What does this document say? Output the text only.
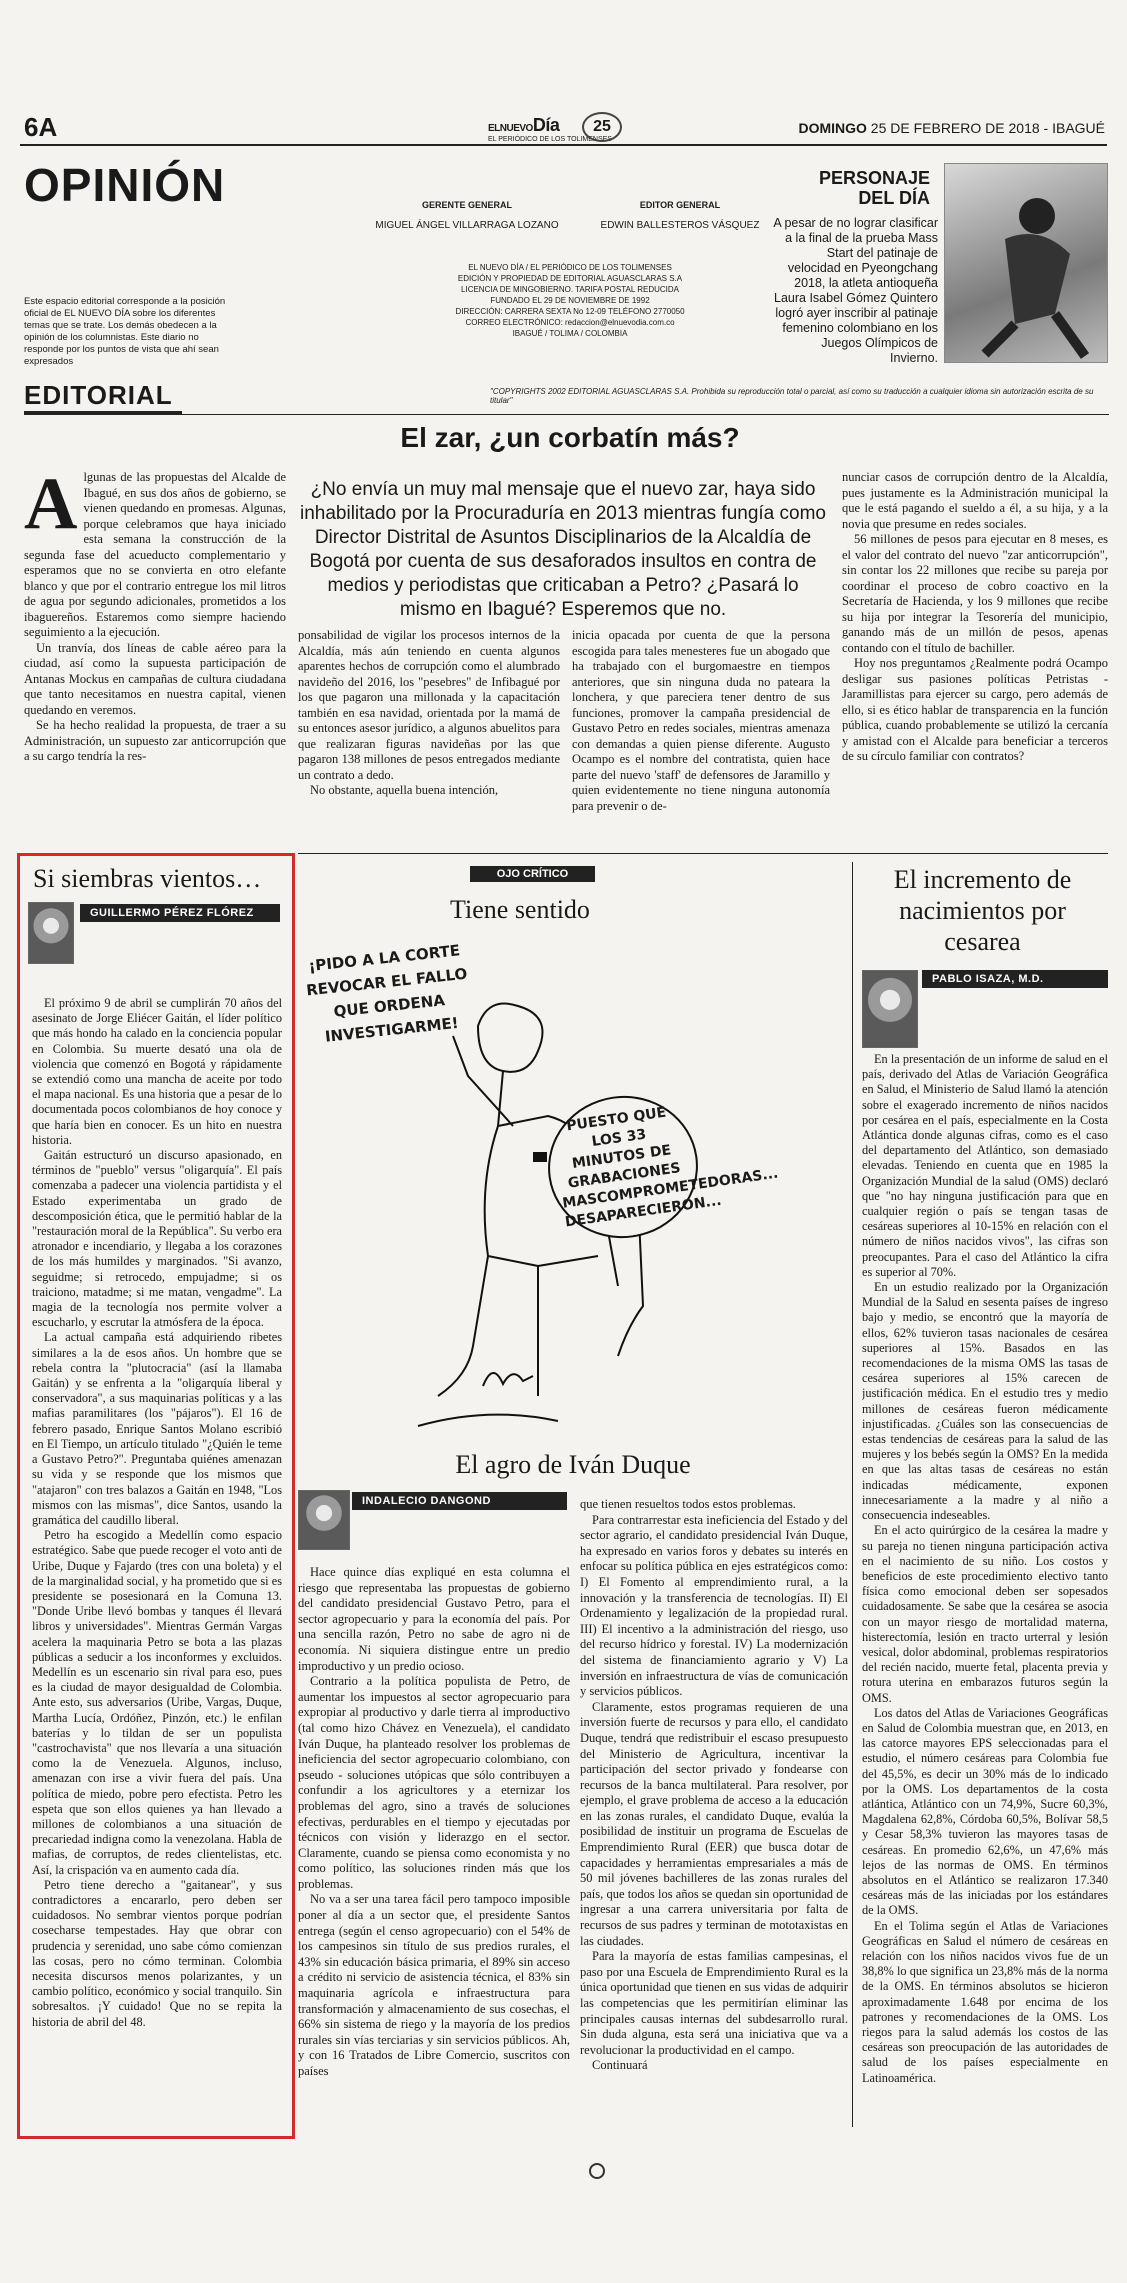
6A	ELNUEVODía
EL PERIÓDICO DE LOS TOLIMENSES
25	DOMINGO 25 DE FEBRERO DE 2018 - IBAGUÉ
OPINIÓN	GERENTE GENERAL
MIGUEL ÁNGEL VILLARRAGA LOZANO
EDITOR GENERAL
EDWIN BALLESTEROS VÁSQUEZ
Este espacio editorial corresponde a la posición oficial de EL NUEVO DÍA sobre los diferentes temas que se trate. Los demás obedecen a la opinión de los columnistas. Este diario no responde por los puntos de vista que ahí sean expresados
EL NUEVO DÍA / EL PERIÓDICO DE LOS TOLIMENSES
EDICIÓN Y PROPIEDAD DE EDITORIAL AGUASCLARAS S.A
LICENCIA DE MINGOBIERNO. TARIFA POSTAL REDUCIDA
FUNDADO EL 29 DE NOVIEMBRE DE 1992
DIRECCIÓN: CARRERA SEXTA No 12-09 TELÉFONO 2770050
CORREO ELECTRÓNICO: redaccion@elnuevodia.com.co
IBAGUÉ / TOLIMA / COLOMBIA
PERSONAJE
DEL DÍA
A pesar de no lograr clasificar a la final de la prueba Mass Start del patinaje de velocidad en Pyeongchang 2018, la atleta antioqueña Laura Isabel Gómez Quintero logró ayer inscribir al patinaje femenino colombiano en los Juegos Olímpicos de Invierno.
"COPYRIGHTS 2002 EDITORIAL AGUASCLARAS S.A. Prohibida su reproducción total o parcial, así como su traducción a cualquier idioma sin autorización escrita de su titular"
EDITORIAL
El zar, ¿un corbatín más?
¿No envía un muy mal mensaje que el nuevo zar, haya sido inhabilitado por la Procuraduría en 2013 mientras fungía como Director Distrital de Asuntos Disciplinarios de la Alcaldía de Bogotá por cuenta de sus desaforados insultos en contra de medios y periodistas que criticaban a Petro? ¿Pasará lo mismo en Ibagué? Esperemos que no.
A lgunas de las propuestas del Alcalde de Ibagué, en sus dos años de gobierno, se vienen quedando en promesas. Algunas, porque celebramos que haya iniciado esta semana la construcción de la segunda fase del acueducto complementario y esperamos que no se convierta en otro elefante blanco y que por el contrario entregue los mil litros de agua por segundo adicionales, prometidos a los ibaguereños. Estaremos como siempre haciendo seguimiento a la ejecución.

Un tranvía, dos líneas de cable aéreo para la ciudad, así como la supuesta participación de Antanas Mockus en campañas de cultura ciudadana que tanto necesitamos en nuestra capital, vienen quedando en veremos.

Se ha hecho realidad la propuesta, de traer a su Administración, un supuesto zar anticorrupción que a su cargo tendría la res-

ponsabilidad de vigilar los procesos internos de la Alcaldía, más aún teniendo en cuenta algunos aparentes hechos de corrupción como el alumbrado navideño del 2016, los "pesebres" de Infibagué por los que pagaron una millonada y la capacitación también en esa navidad, orientada por la mamá de su entonces asesor jurídico, a algunos abuelitos para que realizaran figuras navideñas por las que pagaron 138 millones de pesos entregados mediante un contrato a dedo.

No obstante, aquella buena intención,

inicia opacada por cuenta de que la persona escogida para tales menesteres fue un abogado que ha trabajado con el burgomaestre en tiempos anteriores, que sin ninguna duda no pateara la lonchera, y que pareciera tener dentro de sus funciones, promover la campaña presidencial de Gustavo Petro en redes sociales, mientras amenaza con demandas a quien piense diferente. Augusto Ocampo es el nombre del contratista, quien hace parte del nuevo 'staff' de defensores de Jaramillo y quien evidentemente no tiene ninguna autonomía para prevenir o de-

nunciar casos de corrupción dentro de la Alcaldía, pues justamente es la Administración municipal la que le está pagando el sueldo a él, a su hija, y a la novia que presume en redes sociales.

56 millones de pesos para ejecutar en 8 meses, es el valor del contrato del nuevo "zar anticorrupción", sin contar los 22 millones que recibe su pareja por coordinar el proceso de cobro coactivo en la Secretaría de Hacienda, y los 9 millones que recibe su hija por integrar la Tesorería del municipio, ganando más de un millón de pesos, apenas contando con el título de bachiller.

Hoy nos preguntamos ¿Realmente podrá Ocampo desligar sus pasiones políticas Petristas - Jaramillistas para ejercer su cargo, pero además de ello, si es ético hablar de transparencia en la función pública, cuando probablemente se utilizó la cercanía y amistad con el Alcalde para beneficiar a terceros de su círculo familiar con contratos?

Si siembras vientos…
GUILLERMO PÉREZ FLÓREZ

El próximo 9 de abril se cumplirán 70 años del asesinato de Jorge Eliécer Gaitán, el líder político que más hondo ha calado en la conciencia popular en Colombia. Su muerte desató una ola de violencia que comenzó en Bogotá y rápidamente se extendió como una mancha de aceite por todo el mapa nacional. Es una historia que a pesar de lo documentada pocos colombianos de hoy conoce y que haría bien en conocer. Es un hito en nuestra historia.

Gaitán estructuró un discurso apasionado, en términos de "pueblo" versus "oligarquía". El país comenzaba a padecer una violencia partidista y el Estado experimentaba un grado de descomposición ética, que le permitió hablar de la "restauración moral de la República". Su verbo era atronador e incendiario, y llegaba a los corazones de los más humildes y marginados. "Si avanzo, seguidme; si retrocedo, empujadme; si os traiciono, matadme; si me matan, vengadme". La magia de la tecnología nos permite volver a escucharlo, y escrutar la atmósfera de la época.

La actual campaña está adquiriendo ribetes similares a la de esos años. Un hombre que se rebela contra la "plutocracia" (así la llamaba Gaitán) y se enfrenta a la "oligarquía liberal y conservadora", a sus maquinarias políticas y a las mafias paramilitares (los "pájaros"). El 16 de febrero pasado, Enrique Santos Molano escribió en El Tiempo, un artículo titulado "¿Quién le teme a Gustavo Petro?". Preguntaba quiénes amenazan su vida y se responde que los mismos que "atajaron" con tres balazos a Gaitán en 1948, "Los mismos con las mismas", dice Santos, usando la gramática del caudillo liberal.

Petro ha escogido a Medellín como espacio estratégico. Sabe que puede recoger el voto anti de Uribe, Duque y Fajardo (tres con una boleta) y el de la marginalidad social, y ha prometido que si es presidente se posesionará en la Comuna 13. "Donde Uribe llevó bombas y tanques él llevará libros y universidades". Mientras Germán Vargas acelera la maquinaria Petro se bota a las plazas públicas a seducir a los inconformes y excluidos. Medellín es un escenario sin rival para eso, pues es la ciudad de mayor desigualdad de Colombia. Ante esto, sus adversarios (Uribe, Vargas, Duque, Martha Lucía, Ordóñez, Pinzón, etc.) le enfilan baterías y lo tildan de ser un populista "castrochavista" que nos llevaría a una situación como la de Venezuela. Algunos, incluso, amenazan con irse a vivir fuera del país. Una política de miedo, pobre pero efectista. Petro les espeta que son ellos quienes ya han llevado a millones de colombianos a una situación de precariedad indigna como la venezolana. Habla de mafias, de corruptos, de redes clientelistas, etc. Así, la crispación va en aumento cada día.

Petro tiene derecho a "gaitanear", y sus contradictores a encararlo, pero deben ser cuidadosos. No sembrar vientos porque podrían cosecharse tempestades. Hay que obrar con prudencia y serenidad, uno sabe cómo comienzan las cosas, pero no cómo terminan. Colombia necesita discursos menos polarizantes, y un cambio político, económico y social tranquilo. Sin sobresaltos. ¡Y cuidado! Que no se repita la historia de abril del 48.

OJO CRÍTICO
Tiene sentido
¡PIDO A LA CORTE REVOCAR EL FALLO QUE ORDENA INVESTIGARME!
PUESTO QUE LOS 33 MINUTOS DE GRABACIONES MASCOMPROMETEDORAS... DESAPARECIERON...
El agro de Iván Duque
INDALECIO DANGOND

Hace quince días expliqué en esta columna el riesgo que representaba las propuestas de gobierno del candidato presidencial Gustavo Petro, para el sector agropecuario y para la economía del país. Por una sencilla razón, Petro no sabe de agro ni de economía. Ni siquiera distingue entre un predio improductivo y un predio ocioso.

Contrario a la política populista de Petro, de aumentar los impuestos al sector agropecuario para expropiar al productivo y darle tierra al improductivo (tal como hizo Chávez en Venezuela), el candidato Iván Duque, ha planteado resolver los problemas de ineficiencia del sector agropecuario colombiano, con pseudo - soluciones utópicas que sólo contribuyen a confundir a los agricultores y a eternizar los problemas del agro, sino a través de soluciones efectivas, perdurables en el tiempo y ejecutadas por técnicos con visión y liderazgo en el sector. Claramente, cuando se piensa como economista y no como político, las soluciones rinden más que los problemas.

No va a ser una tarea fácil pero tampoco imposible poner al día a un sector que, el presidente Santos entrega (según el censo agropecuario) con el 54% de los campesinos sin título de sus predios rurales, el 43% sin educación básica primaria, el 89% sin acceso a crédito ni servicio de asistencia técnica, el 83% sin maquinaria agrícola e infraestructura para transformación y almacenamiento de sus cosechas, el 66% sin sistema de riego y la mayoría de los predios rurales sin vías terciarias y sin servicios públicos. Ah, y con 16 Tratados de Libre Comercio, suscritos con países

que tienen resueltos todos estos problemas.

Para contrarrestar esta ineficiencia del Estado y del sector agrario, el candidato presidencial Iván Duque, ha expresado en varios foros y debates su interés en enfocar su política pública en ejes estratégicos como: I) El Fomento al emprendimiento rural, a la innovación y la transferencia de tecnologías. II) El Ordenamiento y legalización de la propiedad rural. III) El incentivo a la administración del riesgo, uso del recurso hídrico y forestal. IV) La modernización del sistema de financiamiento agrario y V) La inversión en infraestructura de vías de comunicación y servicios públicos.

Claramente, estos programas requieren de una inversión fuerte de recursos y para ello, el candidato Duque, tendrá que redistribuir el escaso presupuesto del Ministerio de Agricultura, incentivar la participación del sector privado y fondearse con recursos de la banca multilateral. Para resolver, por ejemplo, el grave problema de acceso a la educación en las zonas rurales, el candidato Duque, evalúa la posibilidad de instituir un programa de Escuelas de Emprendimiento Rural (EER) que busca dotar de capacidades y herramientas empresariales a más de 50 mil jóvenes bachilleres de las zonas rurales del país, que todos los años se quedan sin oportunidad de ingresar a una carrera universitaria por falta de recursos de sus padres y terminan de mototaxistas en las ciudades.

Para la mayoría de estas familias campesinas, el paso por una Escuela de Emprendimiento Rural es la única oportunidad que tienen en sus vidas de adquirir las competencias que les permitirían eliminar las principales causas internas del subdesarrollo rural. Sin duda alguna, esta será una iniciativa que va a revolucionar la productividad en el campo.

Continuará

El incremento de nacimientos por cesarea
PABLO ISAZA, M.D.

En la presentación de un informe de salud en el país, derivado del Atlas de Variación Geográfica en Salud, el Ministerio de Salud llamó la atención sobre el exagerado incremento de niños nacidos por cesárea en el país, especialmente en la Costa Atlántica donde algunas cifras, como es el caso del departamento del Atlántico, son demasiado elevadas. Teniendo en cuenta que en 1985 la Organización Mundial de la salud (OMS) declaró que "no hay ninguna justificación para que en cualquier región o país se tengan tasas de cesáreas superiores al 10-15% en relación con el número de niños nacidos vivos", las cifras son preocupantes. Para el caso del Atlántico la cifra es superior al 70%.

En un estudio realizado por la Organización Mundial de la Salud en sesenta países de ingreso bajo y medio, se encontró que la mayoría de ellos, 62% tuvieron tasas nacionales de cesárea superiores al 15%. Basados en las recomendaciones de la misma OMS las tasas de cesárea superiores al 15% carecen de justificación médica. En el estudio tres y medio millones de cesáreas fueron médicamente injustificadas. ¿Cuáles son las consecuencias de estas tendencias de cesáreas para la salud de las mujeres y los bebés según la OMS? En la medida en que las altas tasas de cesáreas no están indicadas médicamente, exponen innecesariamente a la madre y al niño a consecuencia indeseables.

En el acto quirúrgico de la cesárea la madre y su pareja no tienen ninguna participación activa en el nacimiento de su niño. Los costos y beneficios de este procedimiento electivo tanto física como emocional deben ser sopesados cuidadosamente. Se sabe que la cesárea se asocia con un mayor riesgo de mortalidad materna, histerectomía, lesión en tracto urterral y lesión vesical, dolor abdominal, problemas respiratorios del recién nacido, muerte fetal, placenta previa y rotura uterina en embarazos futuros según la OMS.

Los datos del Atlas de Variaciones Geográficas en Salud de Colombia muestran que, en 2013, en las catorce mayores EPS seleccionadas para el estudio, el número cesáreas para Colombia fue del 45,5%, es decir un 30% más de lo indicado por la OMS. Los departamentos de la costa atlántica, Atlántico con un 74,9%, Sucre 60,3%, Magdalena 62,8%, Córdoba 60,5%, Bolívar 58,5 y Cesar 58,3% tuvieron las mayores tasas de cesáreas. En promedio 62,6%, un 47,6% más lejos de las normas de OMS. En términos absolutos en el Atlántico se realizaron 17.340 cesáreas más de las iniciadas por los estándares de la OMS.

En el Tolima según el Atlas de Variaciones Geográficas en Salud el número de cesáreas en relación con los niños nacidos vivos fue de un 38,8% lo que significa un 23,8% más de la norma de la OMS. En términos absolutos se hicieron aproximadamente 1.648 por encima de los patrones y recomendaciones de la OMS. Los riegos para la salud además los costos de las cesáreas son preocupación de las autoridades de salud de los países especialmente en Latinoamérica.
